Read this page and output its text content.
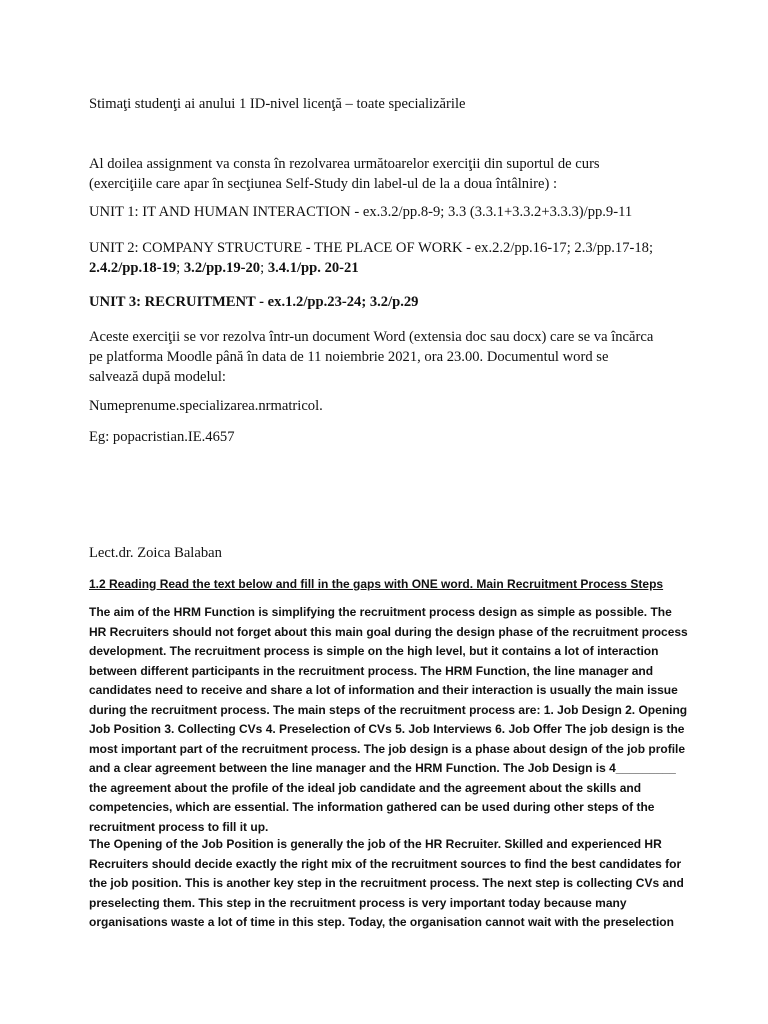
Stimaţi studenţi ai anului 1 ID-nivel licenţă – toate specializările

Al doilea assignment va consta în rezolvarea următoarelor exerciţii din suportul de curs
(exerciţiile care apar în secţiunea Self-Study din label-ul de la a doua întâlnire) :

UNIT 1: IT AND HUMAN INTERACTION - ex.3.2/pp.8-9; 3.3 (3.3.1+3.3.2+3.3.3)/pp.9-11

UNIT 2: COMPANY STRUCTURE - THE PLACE OF WORK - ex.2.2/pp.16-17; 2.3/pp.17-18;
2.4.2/pp.18-19; 3.2/pp.19-20; 3.4.1/pp. 20-21

UNIT 3: RECRUITMENT - ex.1.2/pp.23-24; 3.2/p.29

Aceste exerciţii se vor rezolva într-un document Word (extensia doc sau docx) care se va încărca
pe platforma Moodle până în data de 11 noiembrie 2021, ora 23.00. Documentul word se
salvează după modelul:

Numeprenume.specializarea.nrmatricol.

Eg: popacristian.IE.4657

Lect.dr. Zoica Balaban

1.2 Reading Read the text below and fill in the gaps with ONE word. Main Recruitment Process Steps

The aim of the HRM Function is simplifying the recruitment process design as simple as possible. The
HR Recruiters should not forget about this main goal during the design phase of the recruitment process
development. The recruitment process is simple on the high level, but it contains a lot of interaction
between different participants in the recruitment process. The HRM Function, the line manager and
candidates need to receive and share a lot of information and their interaction is usually the main issue
during the recruitment process. The main steps of the recruitment process are: 1. Job Design 2. Opening
Job Position 3. Collecting CVs 4. Preselection of CVs 5. Job Interviews 6. Job Offer The job design is the
most important part of the recruitment process. The job design is a phase about design of the job profile
and a clear agreement between the line manager and the HRM Function. The Job Design is 4_________
the agreement about the profile of the ideal job candidate and the agreement about the skills and
competencies, which are essential. The information gathered can be used during other steps of the
recruitment process to fill it up.

The Opening of the Job Position is generally the job of the HR Recruiter. Skilled and experienced HR
Recruiters should decide exactly the right mix of the recruitment sources to find the best candidates for
the job position. This is another key step in the recruitment process. The next step is collecting CVs and
preselecting them. This step in the recruitment process is very important today because many
organisations waste a lot of time in this step. Today, the organisation cannot wait with the preselection
